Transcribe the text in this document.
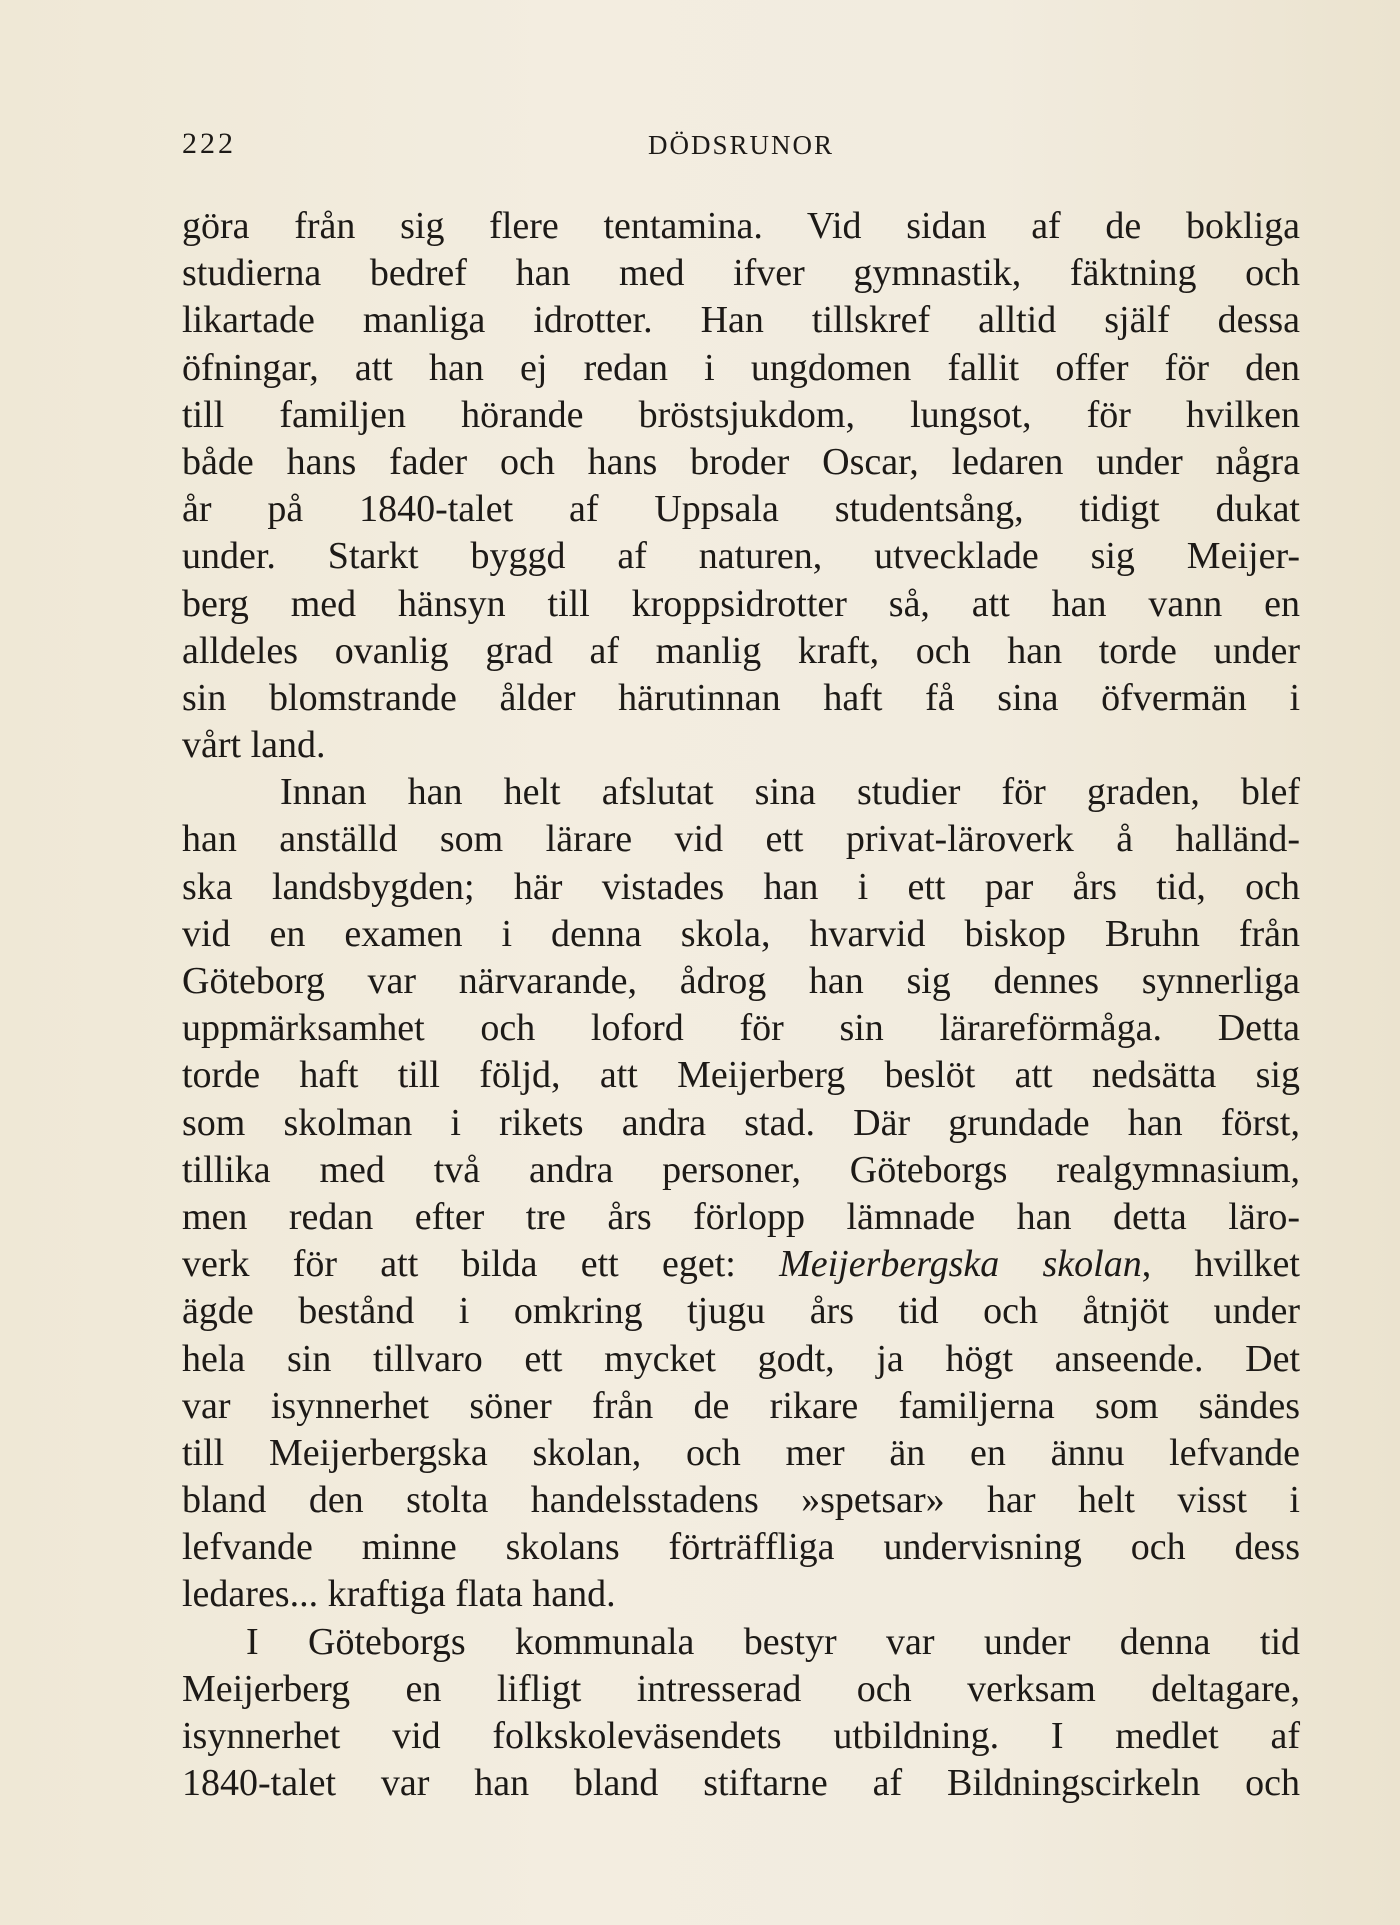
222	DÖDSRUNOR
göra från sig flere tentamina. Vid sidan af de bokliga
studierna bedref han med ifver gymnastik, fäktning och
likartade manliga idrotter. Han tillskref alltid själf dessa
öfningar, att han ej redan i ungdomen fallit offer för den
till familjen hörande bröstsjukdom, lungsot, för hvilken
både hans fader och hans broder Oscar, ledaren under några
år på 1840-talet af Uppsala studentsång, tidigt dukat
under. Starkt byggd af naturen, utvecklade sig Meijer-
berg med hänsyn till kroppsidrotter så, att han vann en
alldeles ovanlig grad af manlig kraft, och han torde under
sin blomstrande ålder härutinnan haft få sina öfvermän i
vårt land.
Innan han helt afslutat sina studier för graden, blef
han anställd som lärare vid ett privat-läroverk å halländ-
ska landsbygden; här vistades han i ett par års tid, och
vid en examen i denna skola, hvarvid biskop Bruhn från
Göteborg var närvarande, ådrog han sig dennes synnerliga
uppmärksamhet och loford för sin lärareförmåga. Detta
torde haft till följd, att Meijerberg beslöt att nedsätta sig
som skolman i rikets andra stad. Där grundade han först,
tillika med två andra personer, Göteborgs realgymnasium,
men redan efter tre års förlopp lämnade han detta läro-
verk för att bilda ett eget: Meijerbergska skolan, hvilket
ägde bestånd i omkring tjugu års tid och åtnjöt under
hela sin tillvaro ett mycket godt, ja högt anseende. Det
var isynnerhet söner från de rikare familjerna som sändes
till Meijerbergska skolan, och mer än en ännu lefvande
bland den stolta handelsstadens »spetsar» har helt visst i
lefvande minne skolans förträffliga undervisning och dess
ledares... kraftiga flata hand.
I Göteborgs kommunala bestyr var under denna tid
Meijerberg en lifligt intresserad och verksam deltagare,
isynnerhet vid folkskoleväsendets utbildning. I medlet af
1840-talet var han bland stiftarne af Bildningscirkeln och
